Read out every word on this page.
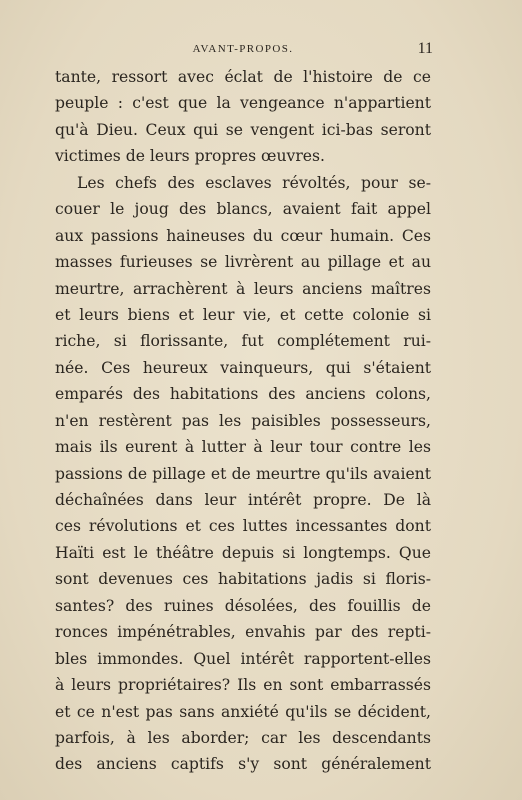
AVANT-PROPOS.	11
tante, ressort avec éclat de l'histoire de ce
peuple : c'est que la vengeance n'appartient
qu'à Dieu. Ceux qui se vengent ici-bas seront
victimes de leurs propres œuvres.
Les chefs des esclaves révoltés, pour se-
couer le joug des blancs, avaient fait appel
aux passions haineuses du cœur humain. Ces
masses furieuses se livrèrent au pillage et au
meurtre, arrachèrent à leurs anciens maîtres
et leurs biens et leur vie, et cette colonie si
riche, si florissante, fut complétement rui-
née. Ces heureux vainqueurs, qui s'étaient
emparés des habitations des anciens colons,
n'en restèrent pas les paisibles possesseurs,
mais ils eurent à lutter à leur tour contre les
passions de pillage et de meurtre qu'ils avaient
déchaînées dans leur intérêt propre. De là
ces révolutions et ces luttes incessantes dont
Haïti est le théâtre depuis si longtemps. Que
sont devenues ces habitations jadis si floris-
santes? des ruines désolées, des fouillis de
ronces impénétrables, envahis par des repti-
bles immondes. Quel intérêt rapportent-elles
à leurs propriétaires? Ils en sont embarrassés
et ce n'est pas sans anxiété qu'ils se décident,
parfois, à les aborder; car les descendants
des anciens captifs s'y sont généralement
